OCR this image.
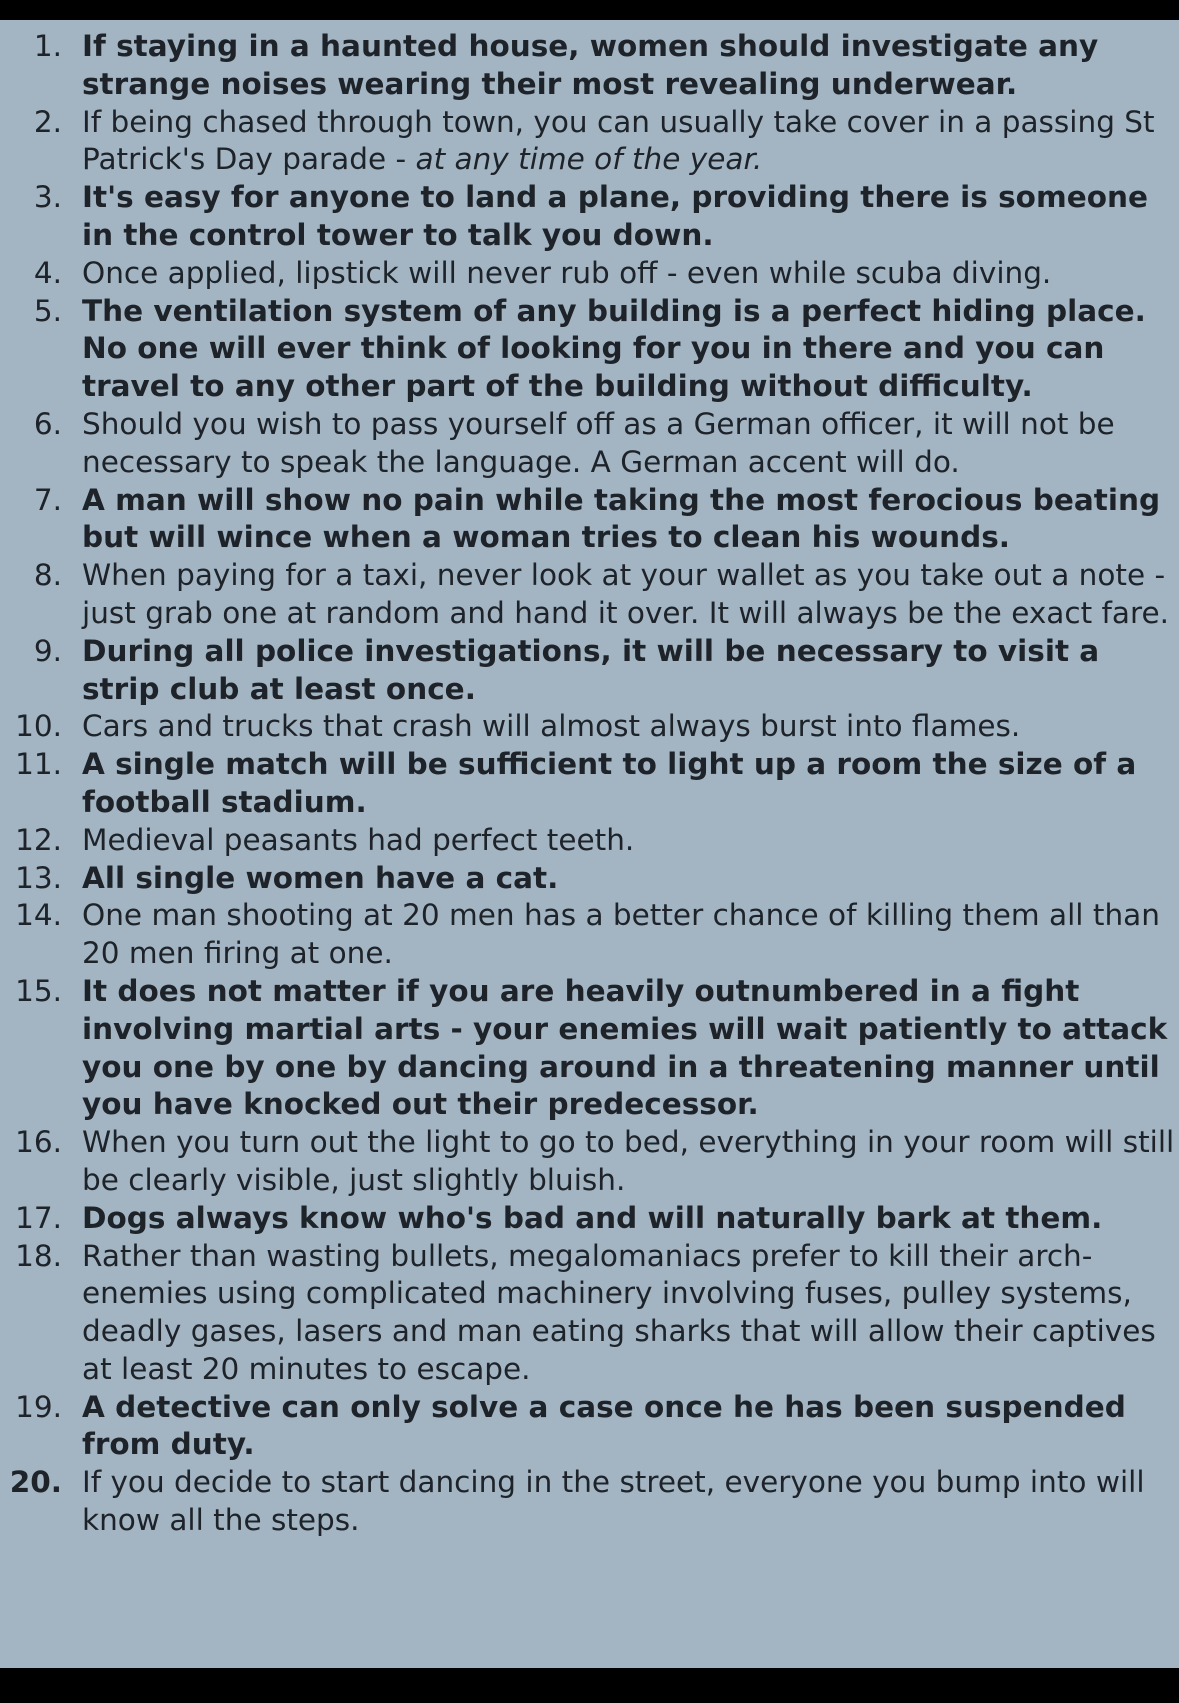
1. If staying in a haunted house, women should investigate any strange noises wearing their most revealing underwear.
2. If being chased through town, you can usually take cover in a passing St Patrick's Day parade - at any time of the year.
3. It's easy for anyone to land a plane, providing there is someone in the control tower to talk you down.
4. Once applied, lipstick will never rub off - even while scuba diving.
5. The ventilation system of any building is a perfect hiding place. No one will ever think of looking for you in there and you can travel to any other part of the building without difficulty.
6. Should you wish to pass yourself off as a German officer, it will not be necessary to speak the language. A German accent will do.
7. A man will show no pain while taking the most ferocious beating but will wince when a woman tries to clean his wounds.
8. When paying for a taxi, never look at your wallet as you take out a note - just grab one at random and hand it over. It will always be the exact fare.
9. During all police investigations, it will be necessary to visit a strip club at least once.
10. Cars and trucks that crash will almost always burst into flames.
11. A single match will be sufficient to light up a room the size of a football stadium.
12. Medieval peasants had perfect teeth.
13. All single women have a cat.
14. One man shooting at 20 men has a better chance of killing them all than 20 men firing at one.
15. It does not matter if you are heavily outnumbered in a fight involving martial arts - your enemies will wait patiently to attack you one by one by dancing around in a threatening manner until you have knocked out their predecessor.
16. When you turn out the light to go to bed, everything in your room will still be clearly visible, just slightly bluish.
17. Dogs always know who's bad and will naturally bark at them.
18. Rather than wasting bullets, megalomaniacs prefer to kill their arch-enemies using complicated machinery involving fuses, pulley systems, deadly gases, lasers and man eating sharks that will allow their captives at least 20 minutes to escape.
19. A detective can only solve a case once he has been suspended from duty.
20. If you decide to start dancing in the street, everyone you bump into will know all the steps.
